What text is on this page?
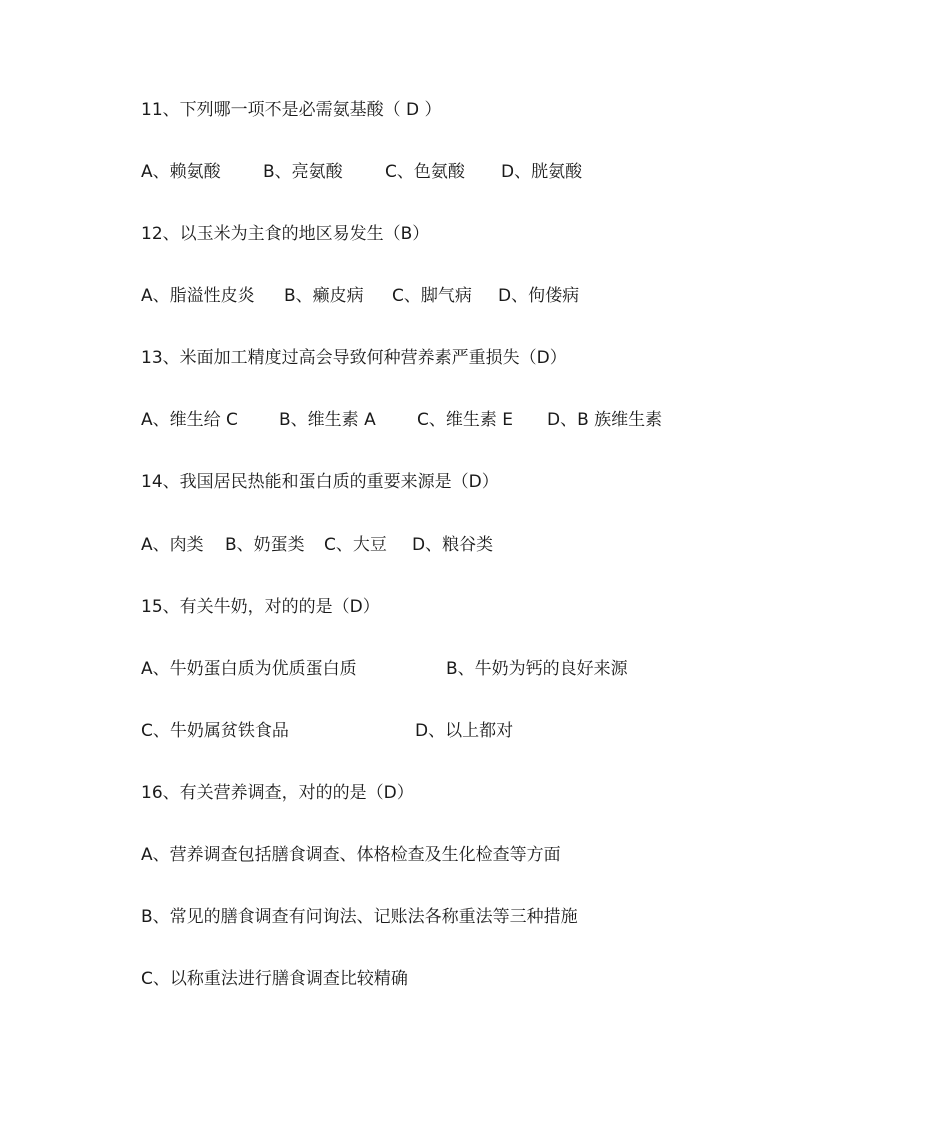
11、下列哪一项不是必需氨基酸（ D ）
A、赖氨酸 B、亮氨酸 C、色氨酸 D、胱氨酸
12、以玉米为主食的地区易发生（B）
A、脂溢性皮炎 B、癞皮病 C、脚气病 D、佝偻病
13、米面加工精度过高会导致何种营养素严重损失（D）
A、维生给 C B、维生素 A C、维生素 E D、B 族维生素
14、我国居民热能和蛋白质的重要来源是（D）
A、肉类 B、奶蛋类 C、大豆 D、粮谷类
15、有关牛奶，对的的是（D）
A、牛奶蛋白质为优质蛋白质	B、牛奶为钙的良好来源
C、牛奶属贫铁食品	D、以上都对
16、有关营养调查，对的的是（D）
A、营养调查包括膳食调查、体格检查及生化检查等方面
B、常见的膳食调查有问询法、记账法各称重法等三种措施
C、以称重法进行膳食调查比较精确
